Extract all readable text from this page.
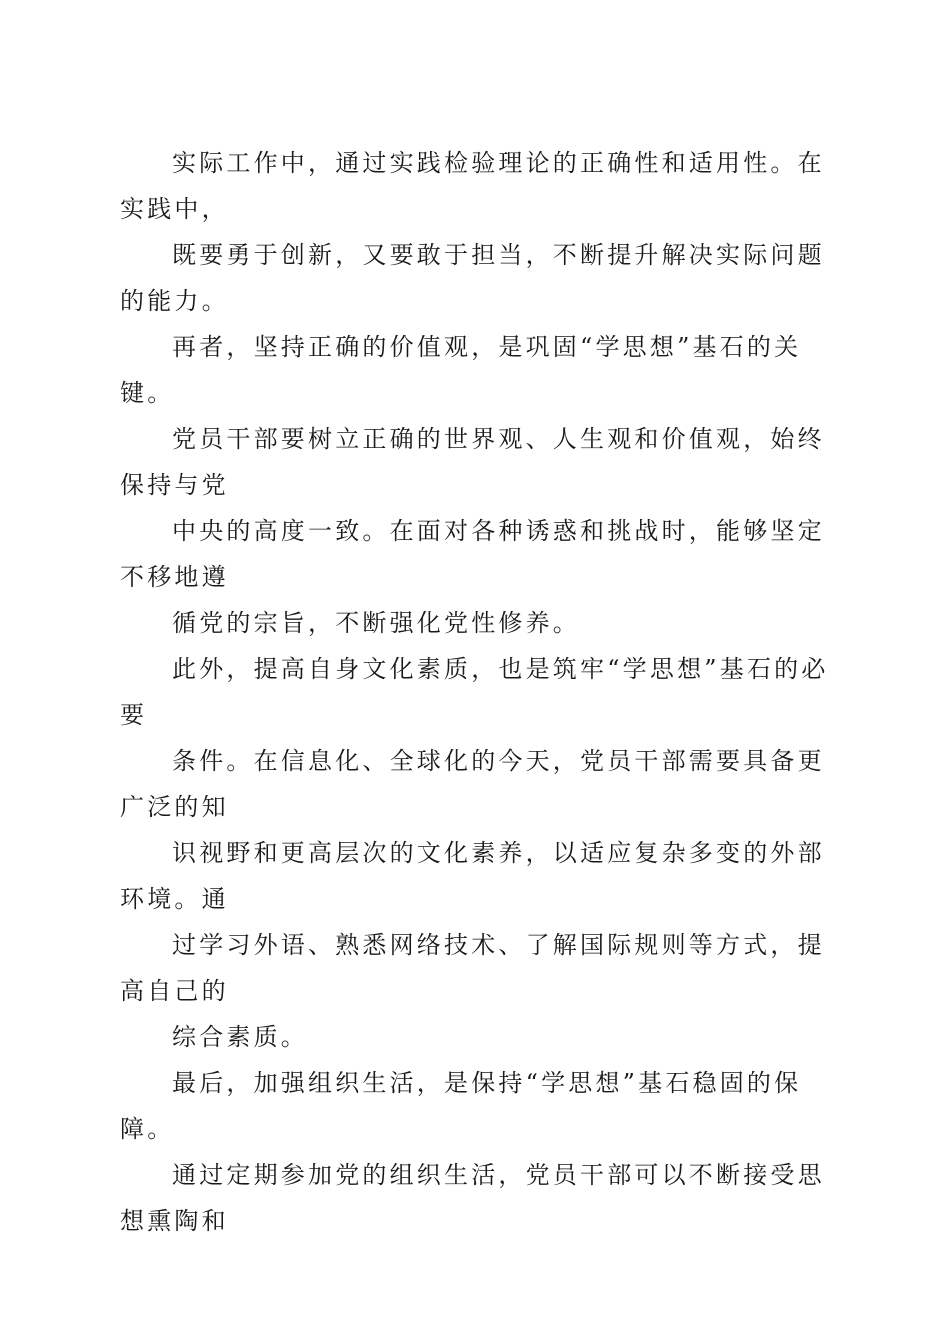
实际工作中，通过实践检验理论的正确性和适用性。在实践中，

既要勇于创新，又要敢于担当，不断提升解决实际问题的能力。

再者，坚持正确的价值观，是巩固“学思想”基石的关键。

党员干部要树立正确的世界观、人生观和价值观，始终保持与党

中央的高度一致。在面对各种诱惑和挑战时，能够坚定不移地遵

循党的宗旨，不断强化党性修养。

此外，提高自身文化素质，也是筑牢“学思想”基石的必要

条件。在信息化、全球化的今天，党员干部需要具备更广泛的知

识视野和更高层次的文化素养，以适应复杂多变的外部环境。通

过学习外语、熟悉网络技术、了解国际规则等方式，提高自己的

综合素质。

最后，加强组织生活，是保持“学思想”基石稳固的保障。

通过定期参加党的组织生活，党员干部可以不断接受思想熏陶和
